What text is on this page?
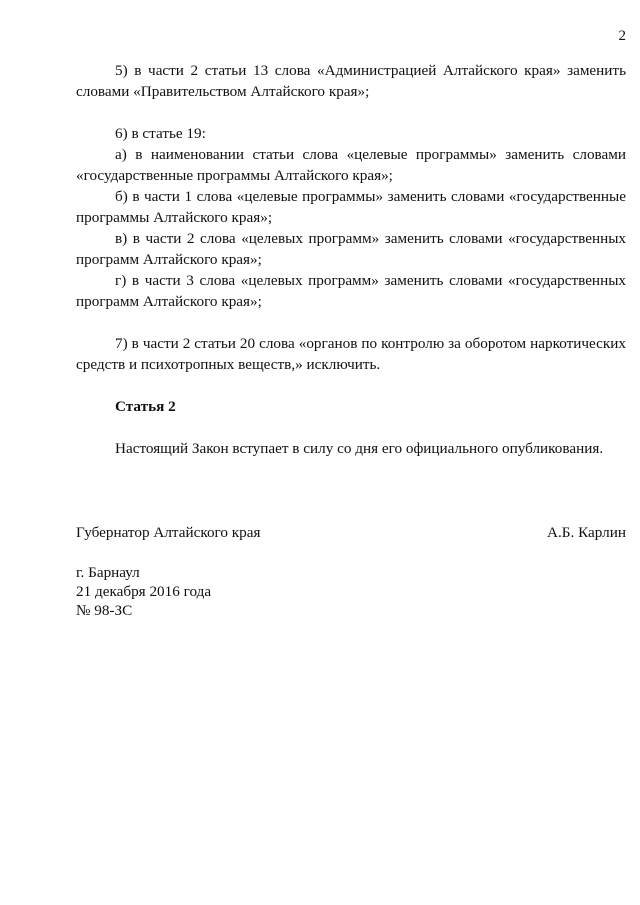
2

5) в части 2 статьи 13 слова «Администрацией Алтайского края» заменить словами «Правительством Алтайского края»;

6) в статье 19:

а) в наименовании статьи слова «целевые программы» заменить словами «государственные программы Алтайского края»;

б) в части 1 слова «целевые программы» заменить словами «государственные программы Алтайского края»;

в) в части 2 слова «целевых программ» заменить словами «государственных программ Алтайского края»;

г) в части 3 слова «целевых программ» заменить словами «государственных программ Алтайского края»;

7) в части 2 статьи 20 слова «органов по контролю за оборотом наркотических средств и психотропных веществ,» исключить.

Статья 2

Настоящий Закон вступает в силу со дня его официального опубликования.

Губернатор Алтайского края	А.Б. Карлин

г. Барнаул

21 декабря 2016 года

№ 98-ЗС
